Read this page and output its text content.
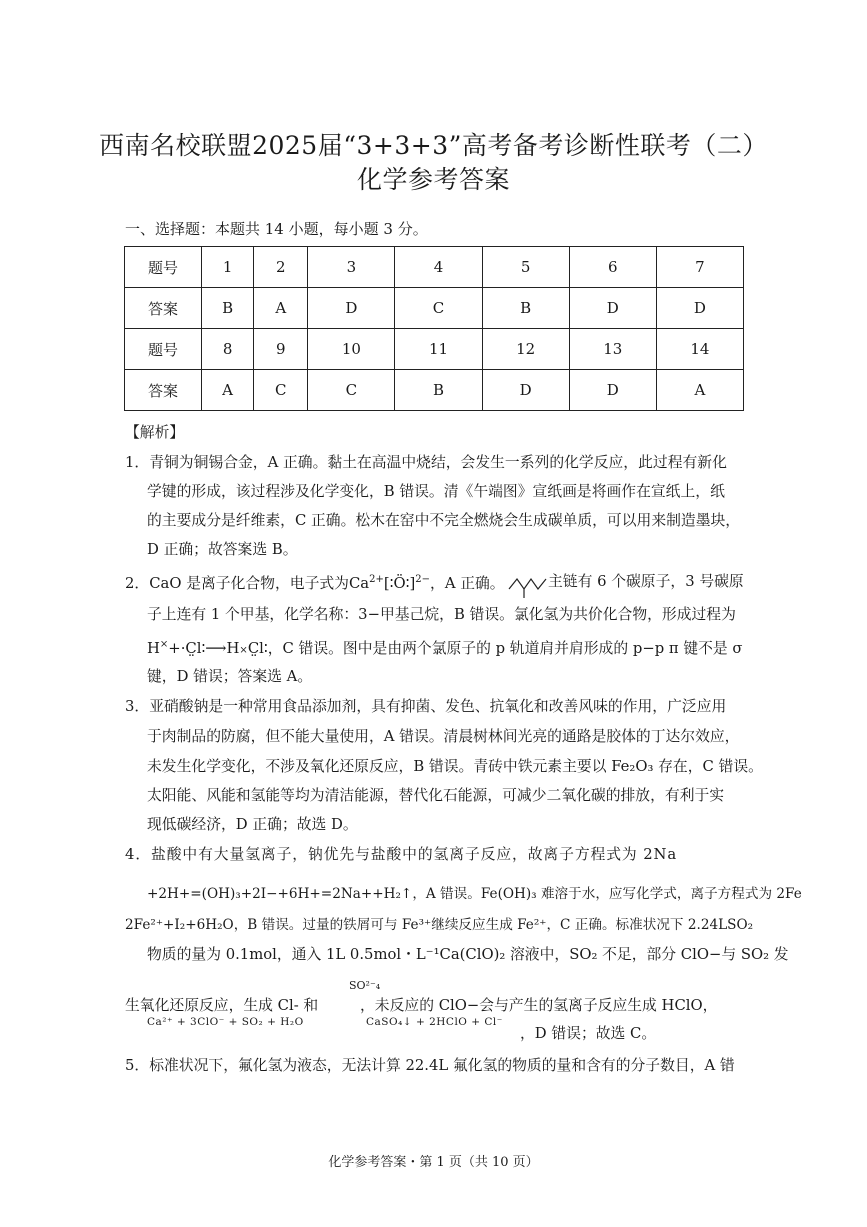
西南名校联盟2025届“3+3+3”高考备考诊断性联考（二）
化学参考答案
一、选择题：本题共 14 小题，每小题 3 分。
题号	1	2	3	4	5	6	7
答案	B	A	D	C	B	D	D
题号	8	9	10	11	12	13	14
答案	A	C	C	B	D	D	A
【解析】
1．青铜为铜锡合金，A 正确。黏土在高温中烧结，会发生一系列的化学反应，此过程有新化
学键的形成，该过程涉及化学变化，B 错误。清《午端图》宣纸画是将画作在宣纸上，纸
的主要成分是纤维素，C 正确。松木在窑中不完全燃烧会生成碳单质，可以用来制造墨块，
D 正确；故答案选 B。
2．CaO 是离子化合物，电子式为$Ca^{2+}[∶Ö∶]^{2-}$，A 正确。	主链有 6 个碳原子，3 号碳原
子上连有 1 个甲基，化学名称：3−甲基己烷，B 错误。氯化氢为共价化合物，形成过程为
H×+·C̤l∶⟶H×C̤l∶，C 错误。图中是由两个氯原子的 p 轨道肩并肩形成的 p−p π 键不是 σ
键，D 错误；答案选 A。
3．亚硝酸钠是一种常用食品添加剂，具有抑菌、发色、抗氧化和改善风味的作用，广泛应用
于肉制品的防腐，但不能大量使用，A 错误。清晨树林间光亮的通路是胶体的丁达尔效应，
未发生化学变化，不涉及氧化还原反应，B 错误。青砖中铁元素主要以 Fe₂O₃ 存在，C 错误。
太阳能、风能和氢能等均为清洁能源，替代化石能源，可减少二氧化碳的排放，有利于实
现低碳经济，D 正确；故选 D。
4．盐酸中有大量氢离子，钠优先与盐酸中的氢离子反应，故离子方程式为 2Na
+2H+=(OH)₃+2I−+6H+=2Na++H₂↑，A 错误。Fe(OH)₃ 难溶于水，应写化学式，离子方程式为 2Fe
2Fe²⁺+I₂+6H₂O，B 错误。过量的铁屑可与 Fe³⁺继续反应生成 Fe²⁺，C 正确。标准状况下 2.24LSO₂
物质的量为 0.1mol，通入 1L 0.5mol・L⁻¹Ca(ClO)₂ 溶液中，SO₂ 不足，部分 ClO−与 SO₂ 发
SO²⁻₄
生氧化还原反应，生成 Cl- 和	，未反应的 ClO−会与产生的氢离子反应生成 HClO，
Ca²⁺ + 3ClO⁻ + SO₂ + H₂O	CaSO₄↓ + 2HClO + Cl⁻
，D 错误；故选 C。
5．标准状况下，氟化氢为液态，无法计算 22.4L 氟化氢的物质的量和含有的分子数目，A 错
化学参考答案・第 1 页（共 10 页）
